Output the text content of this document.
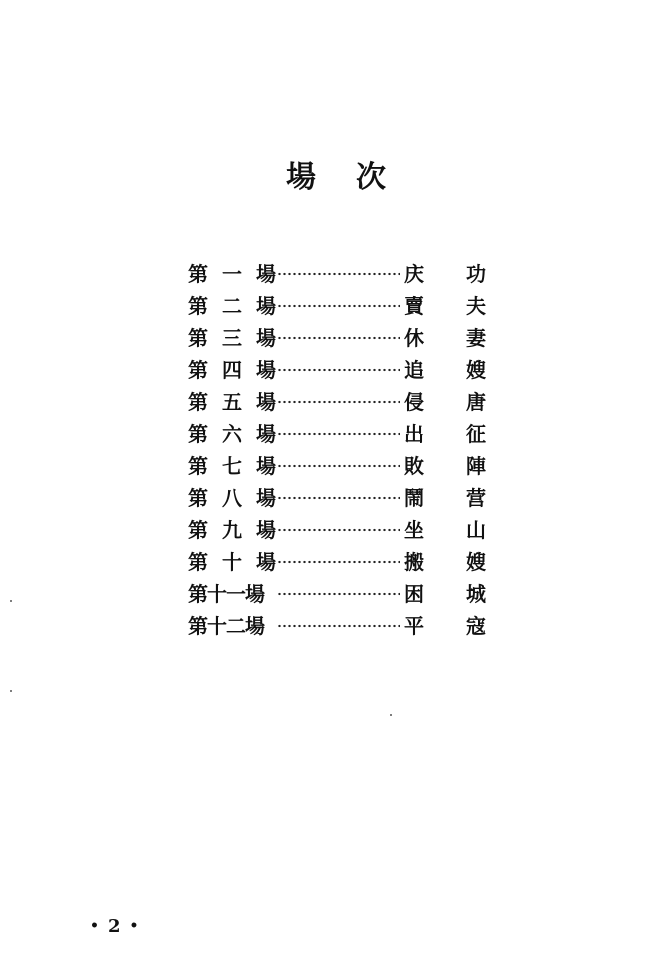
場 次
第 一 場	庆 功
第 二 場	賣 夫
第 三 場	休 妻
第 四 場	追 嫂
第 五 場	侵 唐
第 六 場	出 征
第 七 場	敗 陣
第 八 場	鬧 营
第 九 場	坐 山
第 十 場	搬 嫂
第 十 一 場	困 城
第 十 二 場	平 寇
• 2 •
